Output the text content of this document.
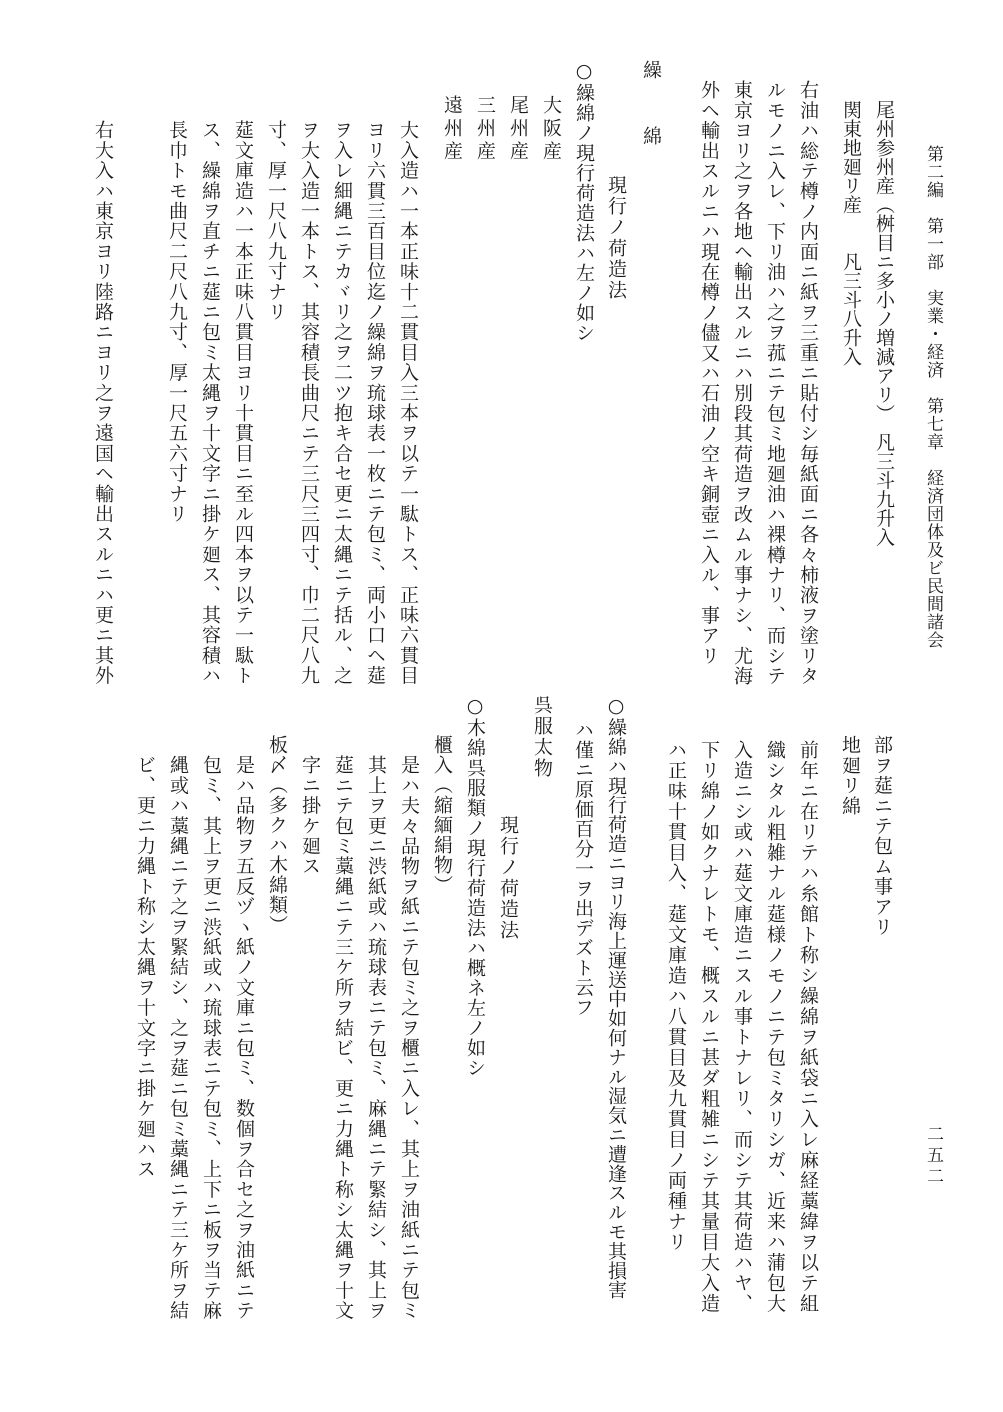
第二編　第一部　実業・経済　第七章　経済団体及ビ民間諸会
二五二
尾州参州産（桝目ニ多小ノ増減アリ）　凡三斗九升入
関東地廻リ産　　凡三斗八升入
右油ハ総テ樽ノ内面ニ紙ヲ三重ニ貼付シ毎紙面ニ各々柿液ヲ塗リタ
ルモノニ入レ、下リ油ハ之ヲ菰ニテ包ミ地廻油ハ裸樽ナリ、而シテ
東京ヨリ之ヲ各地ヘ輸出スルニハ別段其荷造ヲ改ムル事ナシ、尤海
外ヘ輸出スルニハ現在樽ノ儘又ハ石油ノ空キ銅壺ニ入ル、事アリ
繰　綿
現行ノ荷造法
○繰綿ノ現行荷造法ハ左ノ如シ
大阪産
尾州産
三州産
遠州産
大入造ハ一本正味十二貫目入三本ヲ以テ一駄トス、正味六貫目
ヨリ六貫三百目位迄ノ繰綿ヲ琉球表一枚ニテ包ミ、両小口ヘ莚
ヲ入レ細縄ニテカヾリ之ヲ二ツ抱キ合セ更ニ太縄ニテ括ル、之
ヲ大入造一本トス、其容積長曲尺ニテ三尺三四寸、巾二尺八九
寸、厚一尺八九寸ナリ
莚文庫造ハ一本正味八貫目ヨリ十貫目ニ至ル四本ヲ以テ一駄ト
ス、繰綿ヲ直チニ莚ニ包ミ太縄ヲ十文字ニ掛ケ廻ス、其容積ハ
長巾トモ曲尺二尺八九寸、厚一尺五六寸ナリ
右大入ハ東京ヨリ陸路ニヨリ之ヲ遠国ヘ輸出スルニハ更ニ其外
部ヲ莚ニテ包ム事アリ
地廻リ綿
前年ニ在リテハ糸館ト称シ繰綿ヲ紙袋ニ入レ麻経藁緯ヲ以テ組
織シタル粗雑ナル莚様ノモノニテ包ミタリシガ、近来ハ蒲包大
入造ニシ或ハ莚文庫造ニスル事トナレリ、而シテ其荷造ハヤ、
下リ綿ノ如クナレトモ、概スルニ甚ダ粗雑ニシテ其量目大入造
ハ正味十貫目入、莚文庫造ハ八貫目及九貫目ノ両種ナリ
○繰綿ハ現行荷造ニヨリ海上運送中如何ナル湿気ニ遭逢スルモ其損害
ハ僅ニ原価百分一ヲ出デズト云フ
呉服太物
現行ノ荷造法
○木綿呉服類ノ現行荷造法ハ概ネ左ノ如シ
櫃入（縮緬絹物）
是ハ夫々品物ヲ紙ニテ包ミ之ヲ櫃ニ入レ、其上ヲ油紙ニテ包ミ
其上ヲ更ニ渋紙或ハ琉球表ニテ包ミ、麻縄ニテ緊結シ、其上ヲ
莚ニテ包ミ藁縄ニテ三ケ所ヲ結ビ、更ニ力縄ト称シ太縄ヲ十文
字ニ掛ケ廻ス
板〆（多クハ木綿類）
是ハ品物ヲ五反ヅヽ紙ノ文庫ニ包ミ、数個ヲ合セ之ヲ油紙ニテ
包ミ、其上ヲ更ニ渋紙或ハ琉球表ニテ包ミ、上下ニ板ヲ当テ麻
縄或ハ藁縄ニテ之ヲ緊結シ、之ヲ莚ニ包ミ藁縄ニテ三ケ所ヲ結
ビ、更ニ力縄ト称シ太縄ヲ十文字ニ掛ケ廻ハス
